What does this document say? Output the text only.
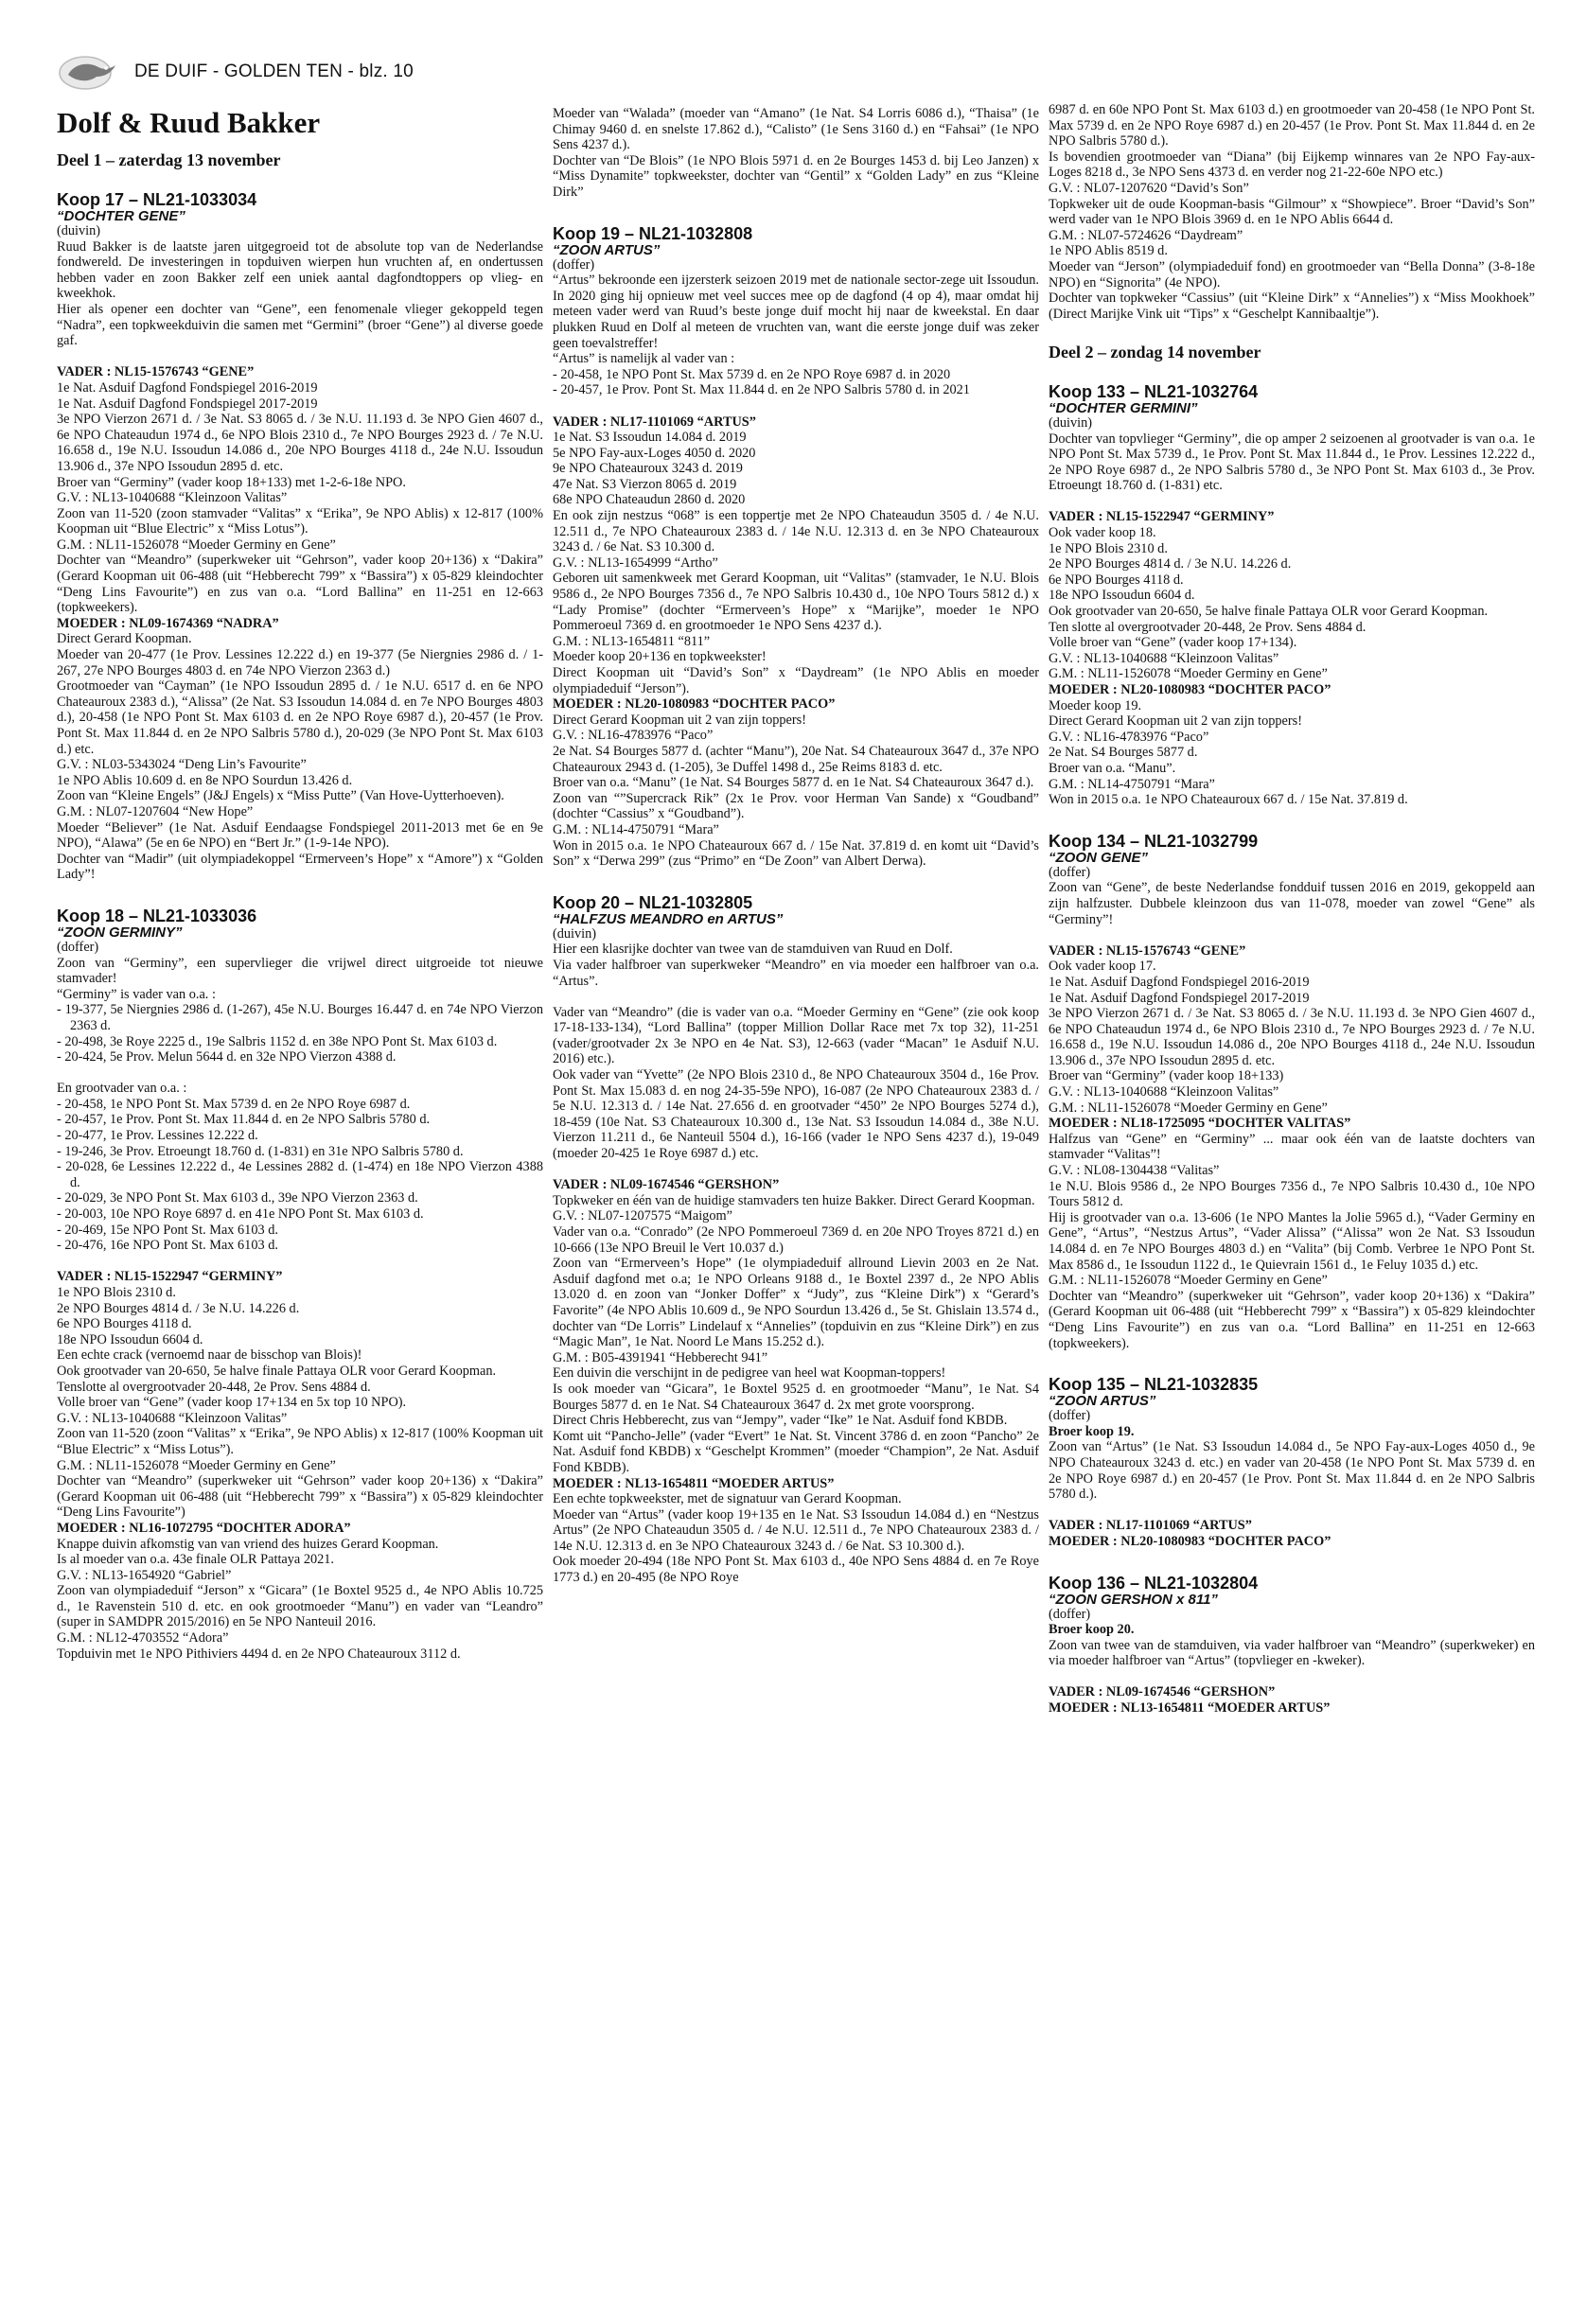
DE DUIF - GOLDEN TEN - blz. 10
Dolf & Ruud Bakker
Deel 1 – zaterdag 13 november
Koop 17 – NL21-1033034
“DOCHTER GENE”
(duivin)
Ruud Bakker is de laatste jaren uitgegroeid tot de absolute top van de Nederlandse fondwereld. De investeringen in topduiven wierpen hun vruchten af, en ondertussen hebben vader en zoon Bakker zelf een uniek aantal dagfondtoppers op vlieg- en kweekhok.
Hier als opener een dochter van “Gene”, een fenomenale vlieger gekoppeld tegen “Nadra”, een topkweekduivin die samen met “Germini” (broer “Gene”) al diverse goede gaf.
VADER : NL15-1576743 “GENE”
1e Nat. Asduif Dagfond Fondspiegel 2016-2019
1e Nat. Asduif Dagfond Fondspiegel 2017-2019
3e NPO Vierzon 2671 d. / 3e Nat. S3 8065 d. / 3e N.U. 11.193 d. 3e NPO Gien 4607 d., 6e NPO Chateaudun 1974 d., 6e NPO Blois 2310 d., 7e NPO Bourges 2923 d. / 7e N.U. 16.658 d., 19e N.U. Issoudun 14.086 d., 20e NPO Bourges 4118 d., 24e N.U. Issoudun 13.906 d., 37e NPO Issoudun 2895 d. etc.
Broer van “Germiny” (vader koop 18+133) met 1-2-6-18e NPO.
G.V. : NL13-1040688 “Kleinzoon Valitas”
Zoon van 11-520 (zoon stamvader “Valitas” x “Erika”, 9e NPO Ablis) x 12-817 (100% Koopman uit “Blue Electric” x “Miss Lotus”).
G.M. : NL11-1526078 “Moeder Germiny en Gene”
Dochter van “Meandro” (superkweker uit “Gehrson”, vader koop 20+136) x “Dakira” (Gerard Koopman uit 06-488 (uit “Hebberecht 799” x “Bassira”) x 05-829 kleindochter “Deng Lins Favourite”) en zus van o.a. “Lord Ballina” en 11-251 en 12-663 (topkweekers).
MOEDER : NL09-1674369 “NADRA”
Direct Gerard Koopman.
Moeder van 20-477 (1e Prov. Lessines 12.222 d.) en 19-377 (5e Niergnies 2986 d. / 1-267, 27e NPO Bourges 4803 d. en 74e NPO Vierzon 2363 d.)
Grootmoeder van “Cayman” (1e NPO Issoudun 2895 d. / 1e N.U. 6517 d. en 6e NPO Chateauroux 2383 d.), “Alissa” (2e Nat. S3 Issoudun 14.084 d. en 7e NPO Bourges 4803 d.), 20-458 (1e NPO Pont St. Max 6103 d. en 2e NPO Roye 6987 d.), 20-457 (1e Prov. Pont St. Max 11.844 d. en 2e NPO Salbris 5780 d.), 20-029 (3e NPO Pont St. Max 6103 d.) etc.
G.V. : NL03-5343024 “Deng Lin’s Favourite”
1e NPO Ablis 10.609 d. en 8e NPO Sourdun 13.426 d.
Zoon van “Kleine Engels” (J&J Engels) x “Miss Putte” (Van Hove-Uytterhoeven).
G.M. : NL07-1207604 “New Hope”
Moeder “Believer” (1e Nat. Asduif Eendaagse Fondspiegel 2011-2013 met 6e en 9e NPO), “Alawa” (5e en 6e NPO) en “Bert Jr.” (1-9-14e NPO).
Dochter van “Madir” (uit olympiadekoppel “Ermerveen’s Hope” x “Amore”) x “Golden Lady”!
Koop 18 – NL21-1033036
“ZOON GERMINY”
(doffer)
Zoon van “Germiny”, een supervlieger die vrijwel direct uitgroeide tot nieuwe stamvader!
“Germiny” is vader van o.a. :
- 19-377, 5e Niergnies 2986 d. (1-267), 45e N.U. Bourges 16.447 d. en 74e NPO Vierzon 2363 d.
- 20-498, 3e Roye 2225 d., 19e Salbris 1152 d. en 38e NPO Pont St. Max 6103 d.
- 20-424, 5e Prov. Melun 5644 d. en 32e NPO Vierzon 4388 d.
En grootvader van o.a. :
- 20-458, 1e NPO Pont St. Max 5739 d. en 2e NPO Roye 6987 d.
- 20-457, 1e Prov. Pont St. Max 11.844 d. en 2e NPO Salbris 5780 d.
- 20-477, 1e Prov. Lessines 12.222 d.
- 19-246, 3e Prov. Etroeungt 18.760 d. (1-831) en 31e NPO Salbris 5780 d.
- 20-028, 6e Lessines 12.222 d., 4e Lessines 2882 d. (1-474) en 18e NPO Vierzon 4388 d.
- 20-029, 3e NPO Pont St. Max 6103 d., 39e NPO Vierzon 2363 d.
- 20-003, 10e NPO Roye 6897 d. en 41e NPO Pont St. Max 6103 d.
- 20-469, 15e NPO Pont St. Max 6103 d.
- 20-476, 16e NPO Pont St. Max 6103 d.
VADER : NL15-1522947 “GERMINY”
1e NPO Blois 2310 d.
2e NPO Bourges 4814 d. / 3e N.U. 14.226 d.
6e NPO Bourges 4118 d.
18e NPO Issoudun 6604 d.
Een echte crack (vernoemd naar de bisschop van Blois)!
Ook grootvader van 20-650, 5e halve finale Pattaya OLR voor Gerard Koopman.
Tenslotte al overgrootvader 20-448, 2e Prov. Sens 4884 d.
Volle broer van “Gene” (vader koop 17+134 en 5x top 10 NPO).
G.V. : NL13-1040688 “Kleinzoon Valitas”
Zoon van 11-520 (zoon “Valitas” x “Erika”, 9e NPO Ablis) x 12-817 (100% Koopman uit “Blue Electric” x “Miss Lotus”).
G.M. : NL11-1526078 “Moeder Germiny en Gene”
Dochter van “Meandro” (superkweker uit “Gehrson” vader koop 20+136) x “Dakira” (Gerard Koopman uit 06-488 (uit “Hebberecht 799” x “Bassira”) x 05-829 kleindochter “Deng Lins Favourite”)
MOEDER : NL16-1072795 “DOCHTER ADORA”
Knappe duivin afkomstig van van vriend des huizes Gerard Koopman.
Is al moeder van o.a. 43e finale OLR Pattaya 2021.
G.V. : NL13-1654920 “Gabriel”
Zoon van olympiadeduif “Jerson” x “Gicara” (1e Boxtel 9525 d., 4e NPO Ablis 10.725 d., 1e Ravenstein 510 d. etc. en ook grootmoeder “Manu”) en vader van “Leandro” (super in SAMDPR 2015/2016) en 5e NPO Nanteuil 2016.
G.M. : NL12-4703552 “Adora”
Topduivin met 1e NPO Pithiviers 4494 d. en 2e NPO Chateauroux 3112 d.
Moeder van “Walada” (moeder van “Amano” (1e Nat. S4 Lorris 6086 d.), “Thaisa” (1e Chimay 9460 d. en snelste 17.862 d.), “Calisto” (1e Sens 3160 d.) en “Fahsai” (1e NPO Sens 4237 d.).
Dochter van “De Blois” (1e NPO Blois 5971 d. en 2e Bourges 1453 d. bij Leo Janzen) x “Miss Dynamite” topkweekster, dochter van “Gentil” x “Golden Lady” en zus “Kleine Dirk”
Koop 19 – NL21-1032808
“ZOON ARTUS”
(doffer)
“Artus” bekroonde een ijzersterk seizoen 2019 met de nationale sector-zege uit Issoudun. In 2020 ging hij opnieuw met veel succes mee op de dagfond (4 op 4), maar omdat hij meteen vader werd van Ruud’s beste jonge duif mocht hij naar de kweekstal. En daar plukken Ruud en Dolf al meteen de vruchten van, want die eerste jonge duif was zeker geen toevalstreffer!
“Artus” is namelijk al vader van :
- 20-458, 1e NPO Pont St. Max 5739 d. en 2e NPO Roye 6987 d. in 2020
- 20-457, 1e Prov. Pont St. Max 11.844 d. en 2e NPO Salbris 5780 d. in 2021
VADER : NL17-1101069 “ARTUS”
1e Nat. S3 Issoudun 14.084 d. 2019
5e NPO Fay-aux-Loges 4050 d. 2020
9e NPO Chateauroux 3243 d. 2019
47e Nat. S3 Vierzon 8065 d. 2019
68e NPO Chateaudun 2860 d. 2020
En ook zijn nestzus “068” is een toppertje met 2e NPO Chateaudun 3505 d. / 4e N.U. 12.511 d., 7e NPO Chateauroux 2383 d. / 14e N.U. 12.313 d. en 3e NPO Chateauroux 3243 d. / 6e Nat. S3 10.300 d.
G.V. : NL13-1654999 “Artho”
Geboren uit samenkweek met Gerard Koopman, uit “Valitas” (stamvader, 1e N.U. Blois 9586 d., 2e NPO Bourges 7356 d., 7e NPO Salbris 10.430 d., 10e NPO Tours 5812 d.) x “Lady Promise” (dochter “Ermerveen’s Hope” x “Marijke”, moeder 1e NPO Pommeroeul 7369 d. en grootmoeder 1e NPO Sens 4237 d.).
G.M. : NL13-1654811 “811”
Moeder koop 20+136 en topkweekster!
Direct Koopman uit “David’s Son” x “Daydream” (1e NPO Ablis en moeder olympiadeduif “Jerson”).
MOEDER : NL20-1080983 “DOCHTER PACO”
Direct Gerard Koopman uit 2 van zijn toppers!
G.V. : NL16-4783976 “Paco”
2e Nat. S4 Bourges 5877 d. (achter “Manu”), 20e Nat. S4 Chateauroux 3647 d., 37e NPO Chateauroux 2943 d. (1-205), 3e Duffel 1498 d., 25e Reims 8183 d. etc.
Broer van o.a. “Manu” (1e Nat. S4 Bourges 5877 d. en 1e Nat. S4 Chateauroux 3647 d.).
Zoon van “”Supercrack Rik” (2x 1e Prov. voor Herman Van Sande) x “Goudband” (dochter “Cassius” x “Goudband”).
G.M. : NL14-4750791 “Mara”
Won in 2015 o.a. 1e NPO Chateauroux 667 d. / 15e Nat. 37.819 d. en komt uit “David’s Son” x “Derwa 299” (zus “Primo” en “De Zoon” van Albert Derwa).
Koop 20 – NL21-1032805
“HALFZUS MEANDRO en ARTUS”
(duivin)
Hier een klasrijke dochter van twee van de stamduiven van Ruud en Dolf.
Via vader halfbroer van superkweker “Meandro” en via moeder een halfbroer van o.a. “Artus”.
Vader van “Meandro” (die is vader van o.a. “Moeder Germiny en “Gene” (zie ook koop 17-18-133-134), “Lord Ballina” (topper Million Dollar Race met 7x top 32), 11-251 (vader/grootvader 2x 3e NPO en 4e Nat. S3), 12-663 (vader “Macan” 1e Asduif N.U. 2016) etc.).
Ook vader van “Yvette” (2e NPO Blois 2310 d., 8e NPO Chateauroux 3504 d., 16e Prov. Pont St. Max 15.083 d. en nog 24-35-59e NPO), 16-087 (2e NPO Chateauroux 2383 d. / 5e N.U. 12.313 d. / 14e Nat. 27.656 d. en grootvader “450” 2e NPO Bourges 5274 d.), 18-459 (10e Nat. S3 Chateauroux 10.300 d., 13e Nat. S3 Issoudun 14.084 d., 38e N.U. Vierzon 11.211 d., 6e Nanteuil 5504 d.), 16-166 (vader 1e NPO Sens 4237 d.), 19-049 (moeder 20-425 1e Roye 6987 d.) etc.
VADER : NL09-1674546 “GERSHON”
Topkweker en één van de huidige stamvaders ten huize Bakker. Direct Gerard Koopman.
G.V. : NL07-1207575 “Maigom”
Vader van o.a. “Conrado” (2e NPO Pommeroeul 7369 d. en 20e NPO Troyes 8721 d.) en 10-666 (13e NPO Breuil le Vert 10.037 d.)
Zoon van “Ermerveen’s Hope” (1e olympiadeduif allround Lievin 2003 en 2e Nat. Asduif dagfond met o.a; 1e NPO Orleans 9188 d., 1e Boxtel 2397 d., 2e NPO Ablis 13.020 d. en zoon van “Jonker Doffer” x “Judy”, zus “Kleine Dirk”) x “Gerard’s Favorite” (4e NPO Ablis 10.609 d., 9e NPO Sourdun 13.426 d., 5e St. Ghislain 13.574 d., dochter van “De Lorris” Lindelauf x “Annelies” (topduivin en zus “Kleine Dirk”) en zus “Magic Man”, 1e Nat. Noord Le Mans 15.252 d.).
G.M. : B05-4391941 “Hebberecht 941”
Een duivin die verschijnt in de pedigree van heel wat Koopman-toppers!
Is ook moeder van “Gicara”, 1e Boxtel 9525 d. en grootmoeder “Manu”, 1e Nat. S4 Bourges 5877 d. en 1e Nat. S4 Chateauroux 3647 d. 2x met grote voorsprong.
Direct Chris Hebberecht, zus van “Jempy”, vader “Ike” 1e Nat. Asduif fond KBDB.
Komt uit “Pancho-Jelle” (vader “Evert” 1e Nat. St. Vincent 3786 d. en zoon “Pancho” 2e Nat. Asduif fond KBDB) x “Geschelpt Krommen” (moeder “Champion”, 2e Nat. Asduif Fond KBDB).
MOEDER : NL13-1654811 “MOEDER ARTUS”
Een echte topkweekster, met de signatuur van Gerard Koopman.
Moeder van “Artus” (vader koop 19+135 en 1e Nat. S3 Issoudun 14.084 d.) en “Nestzus Artus” (2e NPO Chateaudun 3505 d. / 4e N.U. 12.511 d., 7e NPO Chateauroux 2383 d. / 14e N.U. 12.313 d. en 3e NPO Chateauroux 3243 d. / 6e Nat. S3 10.300 d.).
Ook moeder 20-494 (18e NPO Pont St. Max 6103 d., 40e NPO Sens 4884 d. en 7e Roye 1773 d.) en 20-495 (8e NPO Roye
6987 d. en 60e NPO Pont St. Max 6103 d.) en grootmoeder van 20-458 (1e NPO Pont St. Max 5739 d. en 2e NPO Roye 6987 d.) en 20-457 (1e Prov. Pont St. Max 11.844 d. en 2e NPO Salbris 5780 d.).
Is bovendien grootmoeder van “Diana” (bij Eijkemp winnares van 2e NPO Fay-aux-Loges 8218 d., 3e NPO Sens 4373 d. en verder nog 21-22-60e NPO etc.)
G.V. : NL07-1207620 “David’s Son”
Topkweker uit de oude Koopman-basis “Gilmour” x “Showpiece”. Broer “David’s Son” werd vader van 1e NPO Blois 3969 d. en 1e NPO Ablis 6644 d.
G.M. : NL07-5724626 “Daydream”
1e NPO Ablis 8519 d.
Moeder van “Jerson” (olympiadeduif fond) en grootmoeder van “Bella Donna” (3-8-18e NPO) en “Signorita” (4e NPO).
Dochter van topkweker “Cassius” (uit “Kleine Dirk” x “Annelies”) x “Miss Mookhoek” (Direct Marijke Vink uit “Tips” x “Geschelpt Kannibaaltje”).
Deel 2 – zondag 14 november
Koop 133 – NL21-1032764
“DOCHTER GERMINI”
(duivin)
Dochter van topvlieger “Germiny”, die op amper 2 seizoenen al grootvader is van o.a. 1e NPO Pont St. Max 5739 d., 1e Prov. Pont St. Max 11.844 d., 1e Prov. Lessines 12.222 d., 2e NPO Roye 6987 d., 2e NPO Salbris 5780 d., 3e NPO Pont St. Max 6103 d., 3e Prov. Etroeungt 18.760 d. (1-831) etc.
VADER : NL15-1522947 “GERMINY”
Ook vader koop 18.
1e NPO Blois 2310 d.
2e NPO Bourges 4814 d. / 3e N.U. 14.226 d.
6e NPO Bourges 4118 d.
18e NPO Issoudun 6604 d.
Ook grootvader van 20-650, 5e halve finale Pattaya OLR voor Gerard Koopman.
Ten slotte al overgrootvader 20-448, 2e Prov. Sens 4884 d.
Volle broer van “Gene” (vader koop 17+134).
G.V. : NL13-1040688 “Kleinzoon Valitas”
G.M. : NL11-1526078 “Moeder Germiny en Gene”
MOEDER : NL20-1080983 “DOCHTER PACO”
Moeder koop 19.
Direct Gerard Koopman uit 2 van zijn toppers!
G.V. : NL16-4783976 “Paco”
2e Nat. S4 Bourges 5877 d.
Broer van o.a. “Manu”.
G.M. : NL14-4750791 “Mara”
Won in 2015 o.a. 1e NPO Chateauroux 667 d. / 15e Nat. 37.819 d.
Koop 134 – NL21-1032799
“ZOON GENE”
(doffer)
Zoon van “Gene”, de beste Nederlandse fondduif tussen 2016 en 2019, gekoppeld aan zijn halfzuster. Dubbele kleinzoon dus van 11-078, moeder van zowel “Gene” als “Germiny”!
VADER : NL15-1576743 “GENE”
Ook vader koop 17.
1e Nat. Asduif Dagfond Fondspiegel 2016-2019
1e Nat. Asduif Dagfond Fondspiegel 2017-2019
3e NPO Vierzon 2671 d. / 3e Nat. S3 8065 d. / 3e N.U. 11.193 d. 3e NPO Gien 4607 d., 6e NPO Chateaudun 1974 d., 6e NPO Blois 2310 d., 7e NPO Bourges 2923 d. / 7e N.U. 16.658 d., 19e N.U. Issoudun 14.086 d., 20e NPO Bourges 4118 d., 24e N.U. Issoudun 13.906 d., 37e NPO Issoudun 2895 d. etc.
Broer van “Germiny” (vader koop 18+133)
G.V. : NL13-1040688 “Kleinzoon Valitas”
G.M. : NL11-1526078 “Moeder Germiny en Gene”
MOEDER : NL18-1725095 “DOCHTER VALITAS”
Halfzus van “Gene” en “Germiny” ... maar ook één van de laatste dochters van stamvader “Valitas”!
G.V. : NL08-1304438 “Valitas”
1e N.U. Blois 9586 d., 2e NPO Bourges 7356 d., 7e NPO Salbris 10.430 d., 10e NPO Tours 5812 d.
Hij is grootvader van o.a. 13-606 (1e NPO Mantes la Jolie 5965 d.), “Vader Germiny en Gene”, “Artus”, “Nestzus Artus”, “Vader Alissa” (“Alissa” won 2e Nat. S3 Issoudun 14.084 d. en 7e NPO Bourges 4803 d.) en “Valita” (bij Comb. Verbree 1e NPO Pont St. Max 8586 d., 1e Issoudun 1122 d., 1e Quievrain 1561 d., 1e Feluy 1035 d.) etc.
G.M. : NL11-1526078 “Moeder Germiny en Gene”
Dochter van “Meandro” (superkweker uit “Gehrson”, vader koop 20+136) x “Dakira” (Gerard Koopman uit 06-488 (uit “Hebberecht 799” x “Bassira”) x 05-829 kleindochter “Deng Lins Favourite”) en zus van o.a. “Lord Ballina” en 11-251 en 12-663 (topkweekers).
Koop 135 – NL21-1032835
“ZOON ARTUS”
(doffer)
Broer koop 19.
Zoon van “Artus” (1e Nat. S3 Issoudun 14.084 d., 5e NPO Fay-aux-Loges 4050 d., 9e NPO Chateauroux 3243 d. etc.) en vader van 20-458 (1e NPO Pont St. Max 5739 d. en 2e NPO Roye 6987 d.) en 20-457 (1e Prov. Pont St. Max 11.844 d. en 2e NPO Salbris 5780 d.).
VADER : NL17-1101069 “ARTUS”
MOEDER : NL20-1080983 “DOCHTER PACO”
Koop 136 – NL21-1032804
“ZOON GERSHON x 811”
(doffer)
Broer koop 20.
Zoon van twee van de stamduiven, via vader halfbroer van “Meandro” (superkweker) en via moeder halfbroer van “Artus” (topvlieger en -kweker).
VADER : NL09-1674546 “GERSHON”
MOEDER : NL13-1654811 “MOEDER ARTUS”
